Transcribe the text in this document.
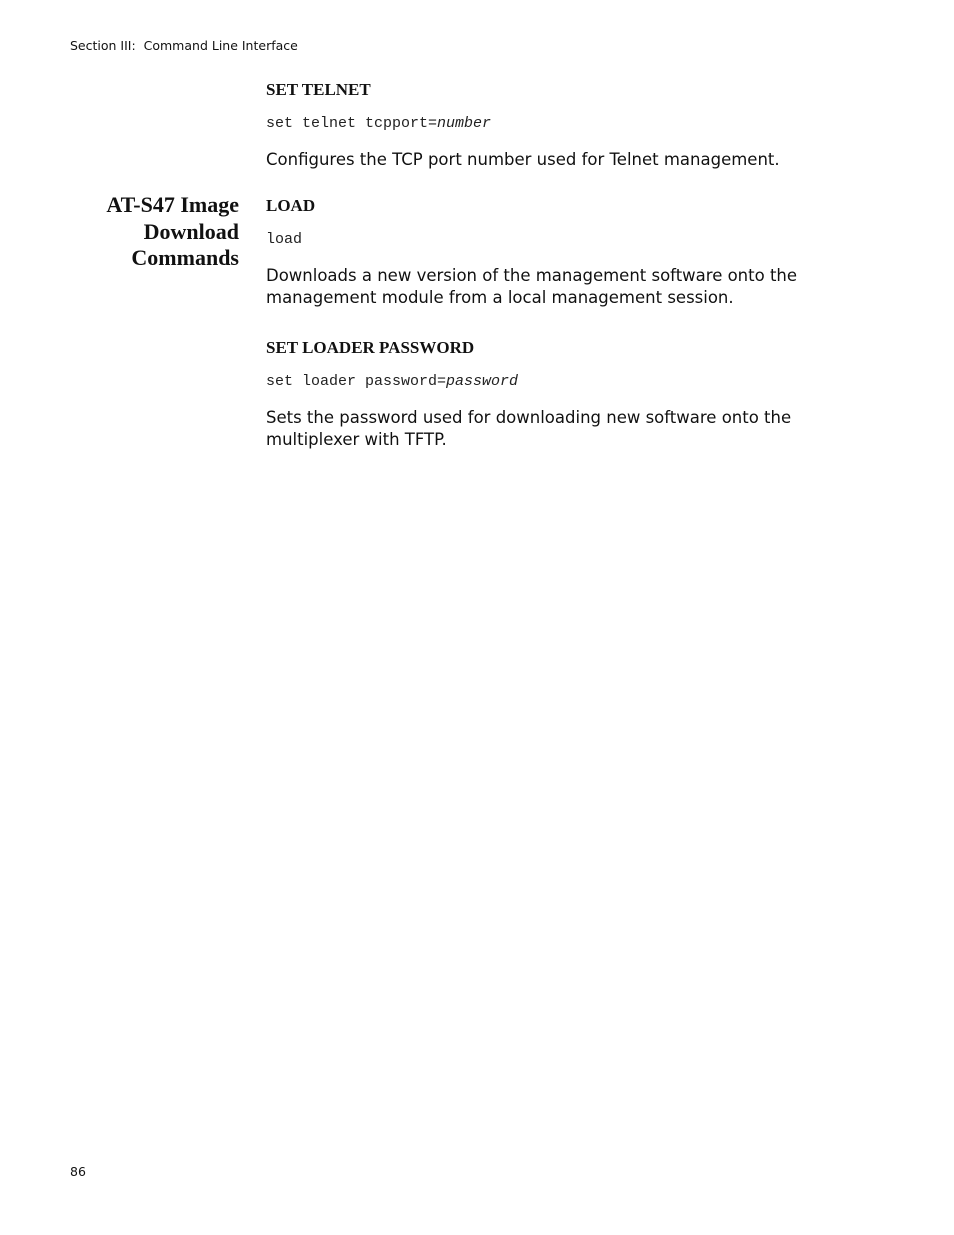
Section III:  Command Line Interface
AT-S47 Image
Download
Commands

SET TELNET

set telnet tcpport=number

Configures the TCP port number used for Telnet management.

LOAD

load

Downloads a new version of the management software onto the management module from a local management session.

SET LOADER PASSWORD

set loader password=password

Sets the password used for downloading new software onto the multiplexer with TFTP.

86
